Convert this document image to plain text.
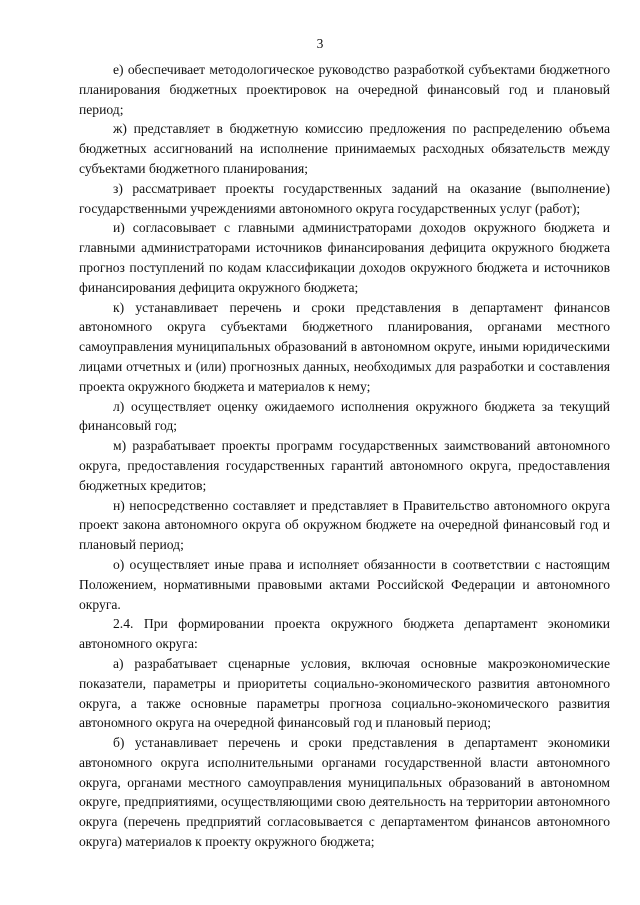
3

е) обеспечивает методологическое руководство разработкой субъектами бюджетного планирования бюджетных проектировок на очередной финансовый год и плановый период;

ж) представляет в бюджетную комиссию предложения по распределению объема бюджетных ассигнований на исполнение принимаемых расходных обязательств между субъектами бюджетного планирования;

з) рассматривает проекты государственных заданий на оказание (выполнение) государственными учреждениями автономного округа государственных услуг (работ);

и) согласовывает с главными администраторами доходов окружного бюджета и главными администраторами источников финансирования дефицита окружного бюджета прогноз поступлений по кодам классификации доходов окружного бюджета и источников финансирования дефицита окружного бюджета;

к) устанавливает перечень и сроки представления в департамент финансов автономного округа субъектами бюджетного планирования, органами местного самоуправления муниципальных образований в автономном округе, иными юридическими лицами отчетных и (или) прогнозных данных, необходимых для разработки и составления проекта окружного бюджета и материалов к нему;

л) осуществляет оценку ожидаемого исполнения окружного бюджета за текущий финансовый год;

м) разрабатывает проекты программ государственных заимствований автономного округа, предоставления государственных гарантий автономного округа, предоставления бюджетных кредитов;

н) непосредственно составляет и представляет в Правительство автономного округа проект закона автономного округа об окружном бюджете на очередной финансовый год и плановый период;

о) осуществляет иные права и исполняет обязанности в соответствии с настоящим Положением, нормативными правовыми актами Российской Федерации и автономного округа.

2.4. При формировании проекта окружного бюджета департамент экономики автономного округа:

а) разрабатывает сценарные условия, включая основные макроэкономические показатели, параметры и приоритеты социально-экономического развития автономного округа, а также основные параметры прогноза социально-экономического развития автономного округа на очередной финансовый год и плановый период;

б) устанавливает перечень и сроки представления в департамент экономики автономного округа исполнительными органами государственной власти автономного округа, органами местного самоуправления муниципальных образований в автономном округе, предприятиями, осуществляющими свою деятельность на территории автономного округа (перечень предприятий согласовывается с департаментом финансов автономного округа) материалов к проекту окружного бюджета;
